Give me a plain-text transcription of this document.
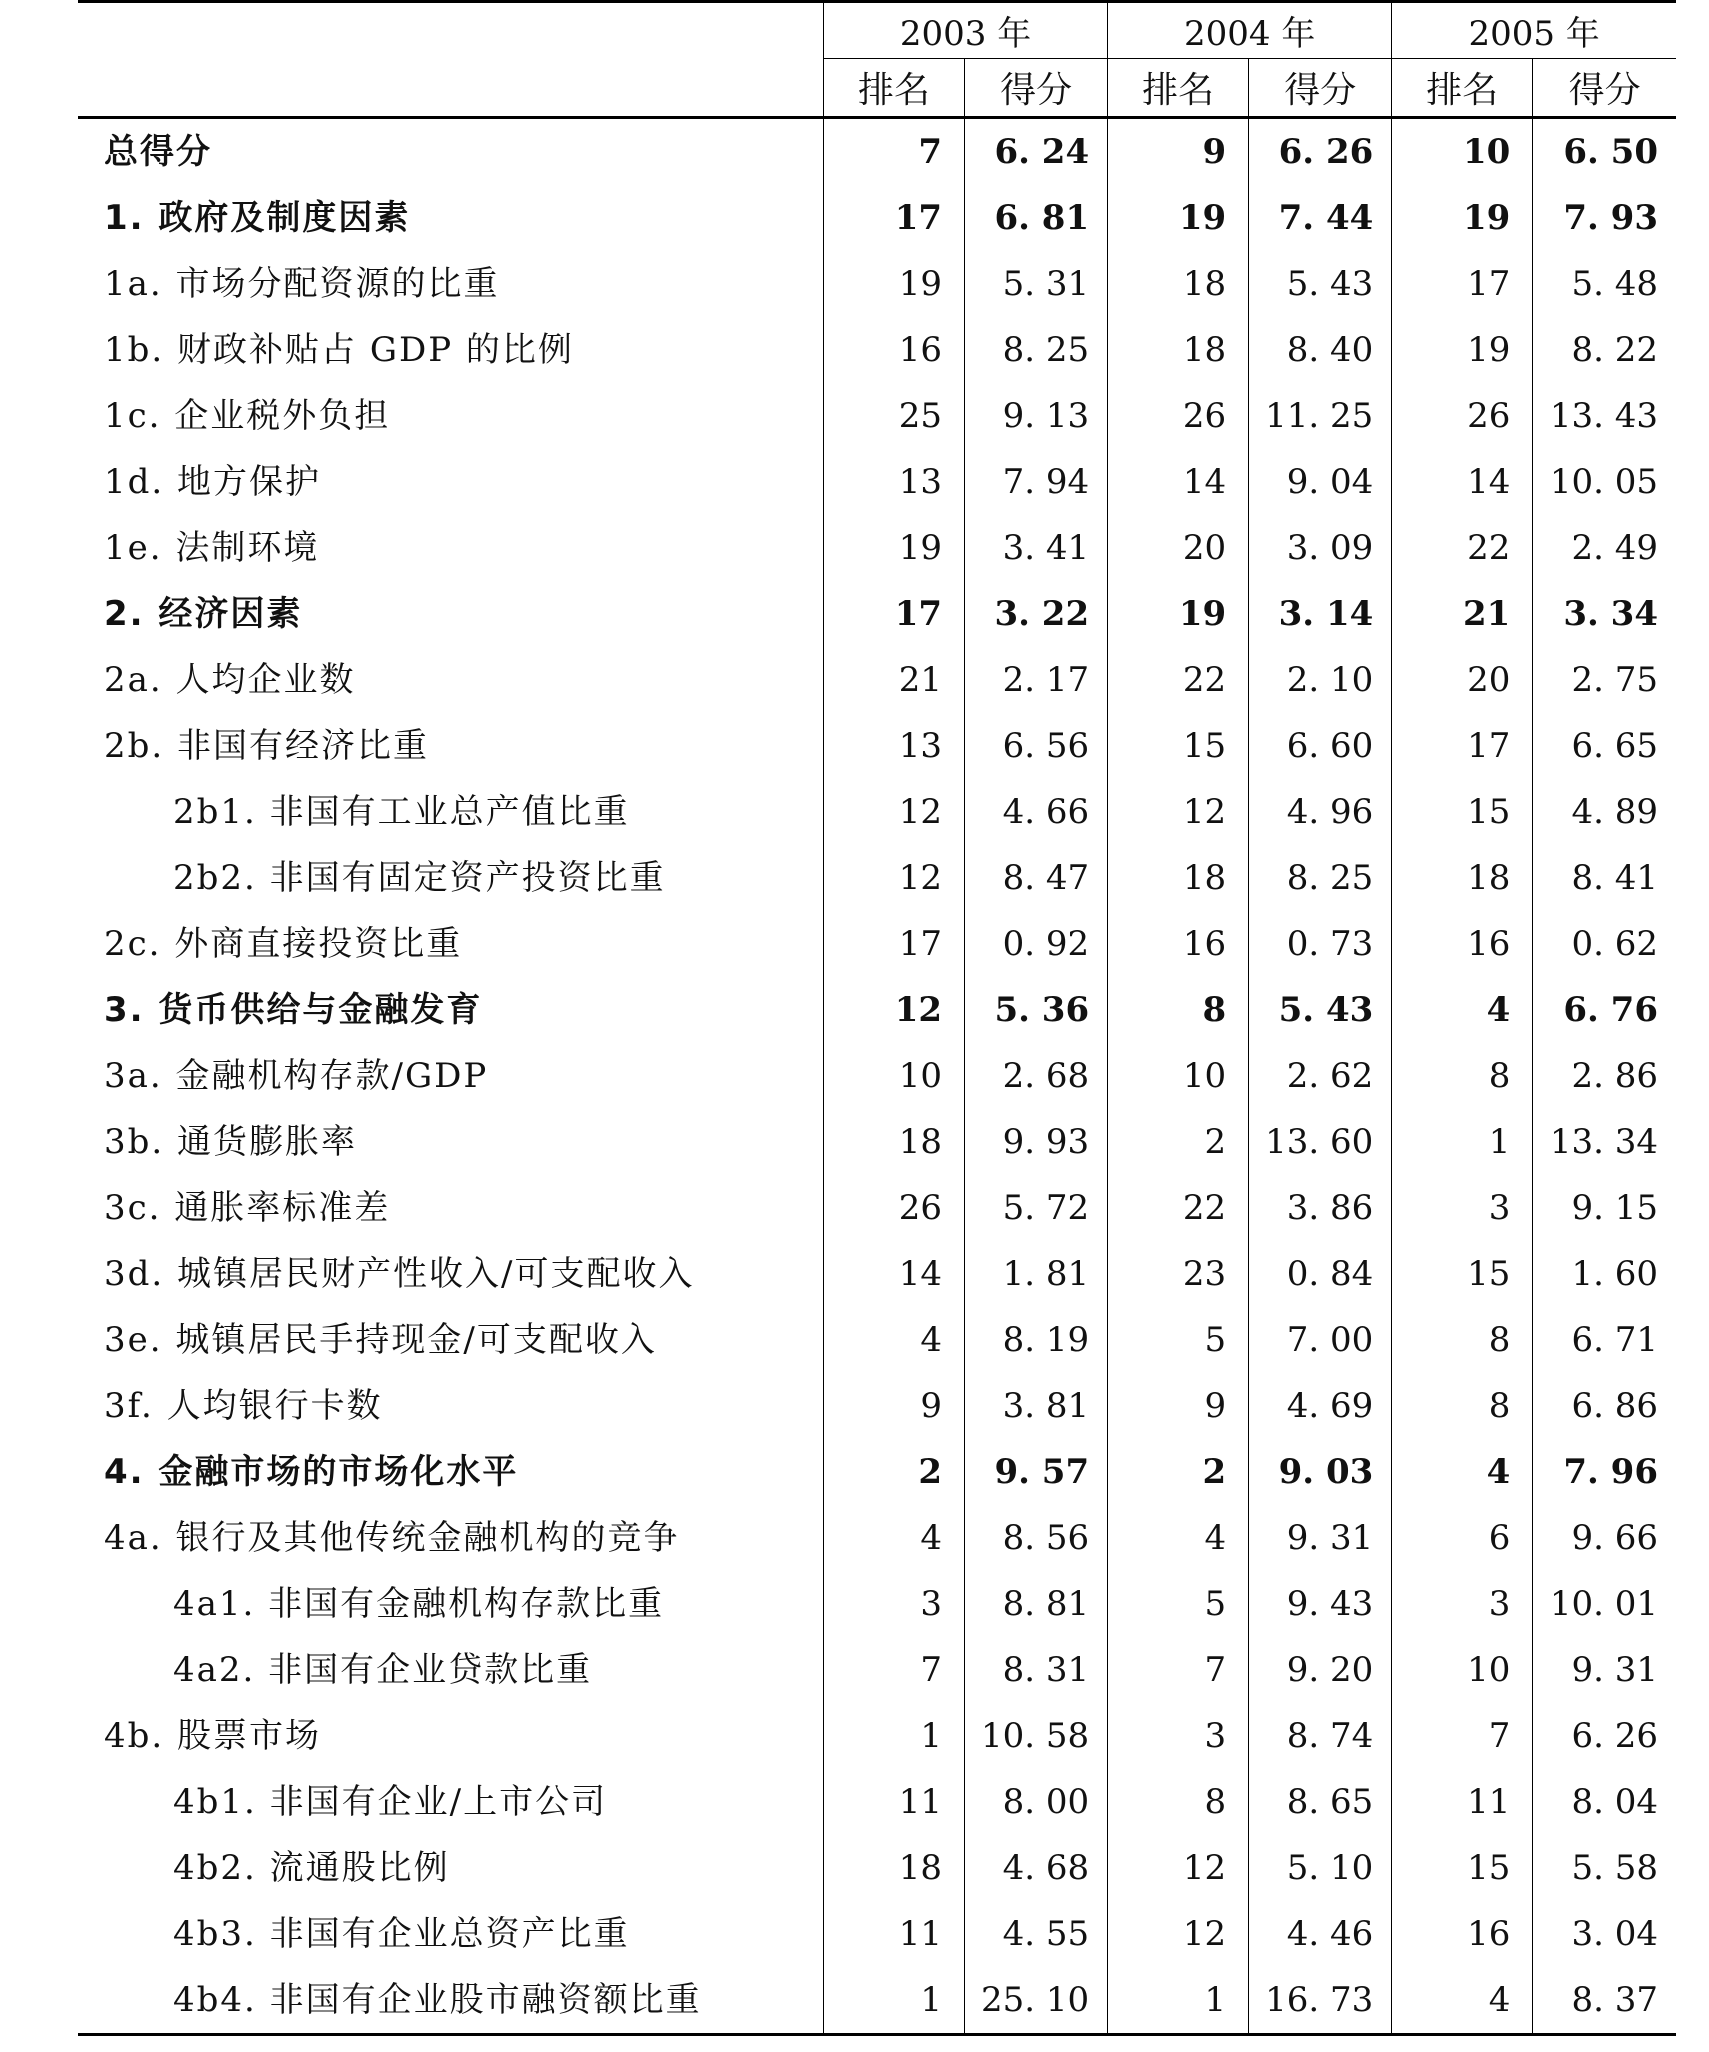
	2003 年		2004 年		2005 年	
	排名	得分	排名	得分	排名	得分
总得分	7	6. 24	9	6. 26	10	6. 50
1. 政府及制度因素	17	6. 81	19	7. 44	19	7. 93
1a. 市场分配资源的比重	19	5. 31	18	5. 43	17	5. 48
1b. 财政补贴占 GDP 的比例	16	8. 25	18	8. 40	19	8. 22
1c. 企业税外负担	25	9. 13	26	11. 25	26	13. 43
1d. 地方保护	13	7. 94	14	9. 04	14	10. 05
1e. 法制环境	19	3. 41	20	3. 09	22	2. 49
2. 经济因素	17	3. 22	19	3. 14	21	3. 34
2a. 人均企业数	21	2. 17	22	2. 10	20	2. 75
2b. 非国有经济比重	13	6. 56	15	6. 60	17	6. 65
2b1. 非国有工业总产值比重	12	4. 66	12	4. 96	15	4. 89
2b2. 非国有固定资产投资比重	12	8. 47	18	8. 25	18	8. 41
2c. 外商直接投资比重	17	0. 92	16	0. 73	16	0. 62
3. 货币供给与金融发育	12	5. 36	8	5. 43	4	6. 76
3a. 金融机构存款/GDP	10	2. 68	10	2. 62	8	2. 86
3b. 通货膨胀率	18	9. 93	2	13. 60	1	13. 34
3c. 通胀率标准差	26	5. 72	22	3. 86	3	9. 15
3d. 城镇居民财产性收入/可支配收入	14	1. 81	23	0. 84	15	1. 60
3e. 城镇居民手持现金/可支配收入	4	8. 19	5	7. 00	8	6. 71
3f. 人均银行卡数	9	3. 81	9	4. 69	8	6. 86
4. 金融市场的市场化水平	2	9. 57	2	9. 03	4	7. 96
4a. 银行及其他传统金融机构的竞争	4	8. 56	4	9. 31	6	9. 66
4a1. 非国有金融机构存款比重	3	8. 81	5	9. 43	3	10. 01
4a2. 非国有企业贷款比重	7	8. 31	7	9. 20	10	9. 31
4b. 股票市场	1	10. 58	3	8. 74	7	6. 26
4b1. 非国有企业/上市公司	11	8. 00	8	8. 65	11	8. 04
4b2. 流通股比例	18	4. 68	12	5. 10	15	5. 58
4b3. 非国有企业总资产比重	11	4. 55	12	4. 46	16	3. 04
4b4. 非国有企业股市融资额比重	1	25. 10	1	16. 73	4	8. 37
